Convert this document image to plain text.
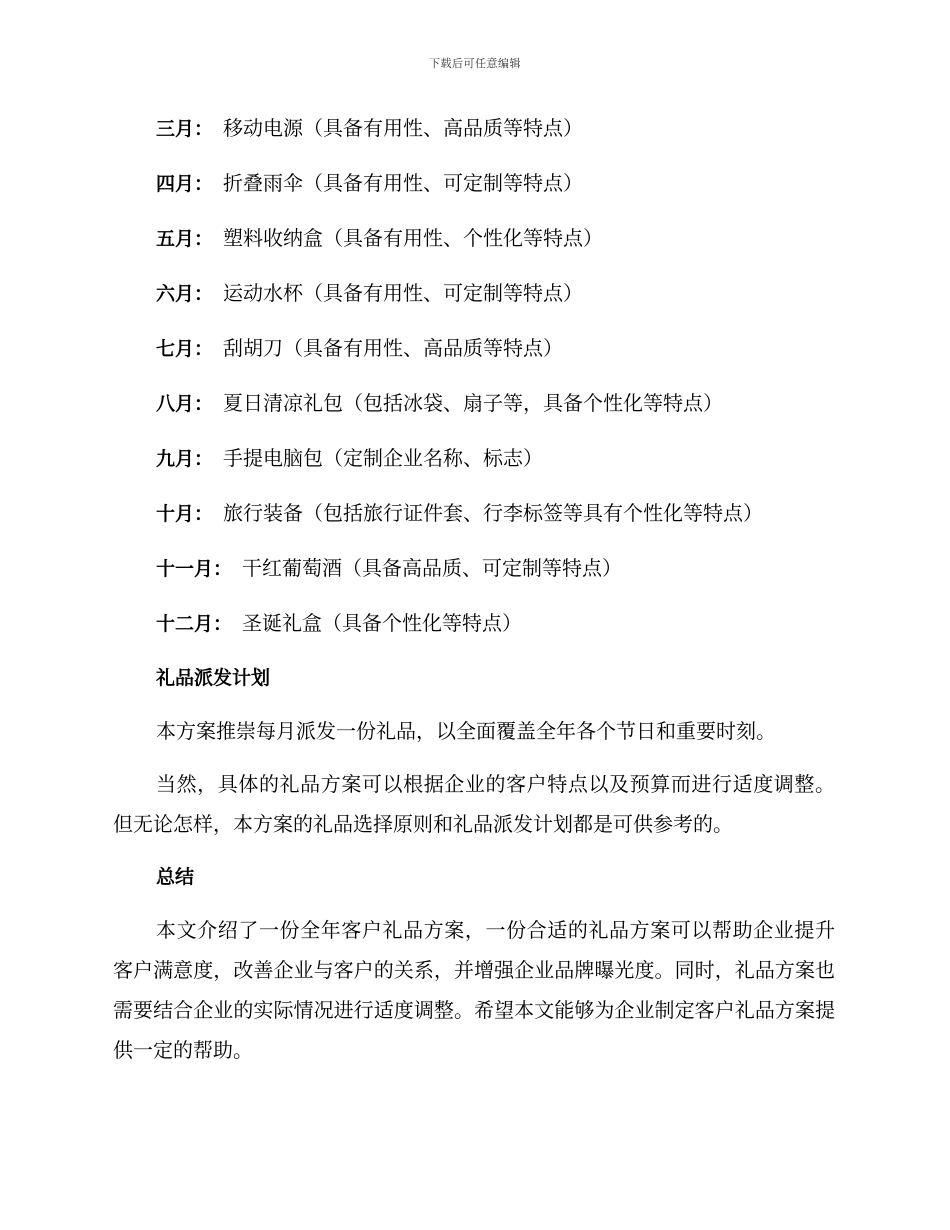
下载后可任意编辑
三月： 移动电源（具备有用性、高品质等特点）
四月： 折叠雨伞（具备有用性、可定制等特点）
五月： 塑料收纳盒（具备有用性、个性化等特点）
六月： 运动水杯（具备有用性、可定制等特点）
七月： 刮胡刀（具备有用性、高品质等特点）
八月： 夏日清凉礼包（包括冰袋、扇子等，具备个性化等特点）
九月： 手提电脑包（定制企业名称、标志）
十月： 旅行装备（包括旅行证件套、行李标签等具有个性化等特点）
十一月： 干红葡萄酒（具备高品质、可定制等特点）
十二月： 圣诞礼盒（具备个性化等特点）
礼品派发计划

本方案推崇每月派发一份礼品，以全面覆盖全年各个节日和重要时刻。

当然，具体的礼品方案可以根据企业的客户特点以及预算而进行适度调整。但无论怎样，本方案的礼品选择原则和礼品派发计划都是可供参考的。

总结

本文介绍了一份全年客户礼品方案，一份合适的礼品方案可以帮助企业提升客户满意度，改善企业与客户的关系，并增强企业品牌曝光度。同时，礼品方案也需要结合企业的实际情况进行适度调整。希望本文能够为企业制定客户礼品方案提供一定的帮助。
